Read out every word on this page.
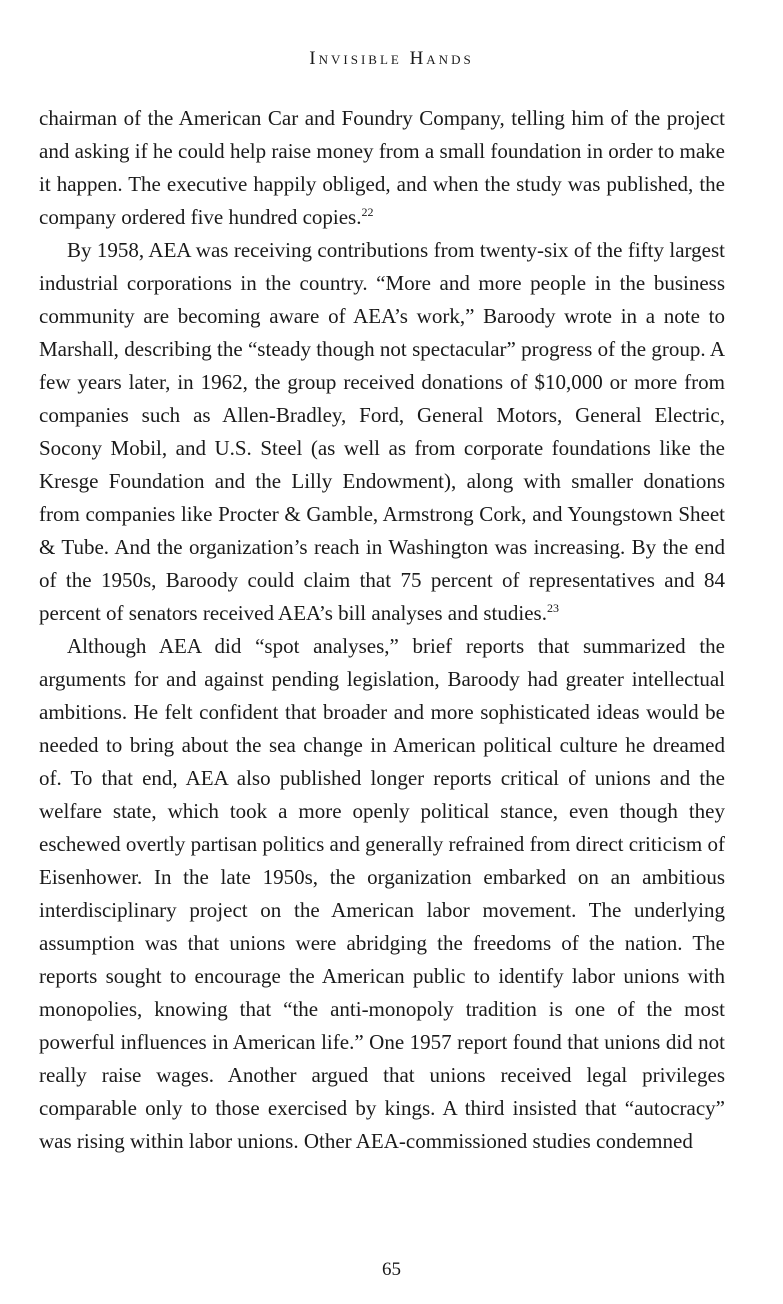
Invisible Hands

chairman of the American Car and Foundry Company, telling him of the project and asking if he could help raise money from a small foundation in order to make it happen. The executive happily obliged, and when the study was published, the company ordered five hundred copies.$^{22}$

By 1958, AEA was receiving contributions from twenty-six of the fifty largest industrial corporations in the country. “More and more people in the business community are becoming aware of AEA’s work,” Baroody wrote in a note to Marshall, describing the “steady though not spectacular” progress of the group. A few years later, in 1962, the group received donations of $10,000 or more from companies such as Allen-Bradley, Ford, General Motors, General Electric, Socony Mobil, and U.S. Steel (as well as from corporate foundations like the Kresge Foundation and the Lilly Endowment), along with smaller donations from companies like Procter & Gamble, Armstrong Cork, and Youngstown Sheet & Tube. And the organization’s reach in Washington was increasing. By the end of the 1950s, Baroody could claim that 75 percent of representatives and 84 percent of senators received AEA’s bill analyses and studies.$^{23}$

Although AEA did “spot analyses,” brief reports that summarized the arguments for and against pending legislation, Baroody had greater intellectual ambitions. He felt confident that broader and more sophisticated ideas would be needed to bring about the sea change in American political culture he dreamed of. To that end, AEA also published longer reports critical of unions and the welfare state, which took a more openly political stance, even though they eschewed overtly partisan politics and generally refrained from direct criticism of Eisenhower. In the late 1950s, the organization embarked on an ambitious interdisciplinary project on the American labor movement. The underlying assumption was that unions were abridging the freedoms of the nation. The reports sought to encourage the American public to identify labor unions with monopolies, knowing that “the anti-monopoly tradition is one of the most powerful influences in American life.” One 1957 report found that unions did not really raise wages. Another argued that unions received legal privileges comparable only to those exercised by kings. A third insisted that “autocracy” was rising within labor unions. Other AEA-commissioned studies condemned

65
